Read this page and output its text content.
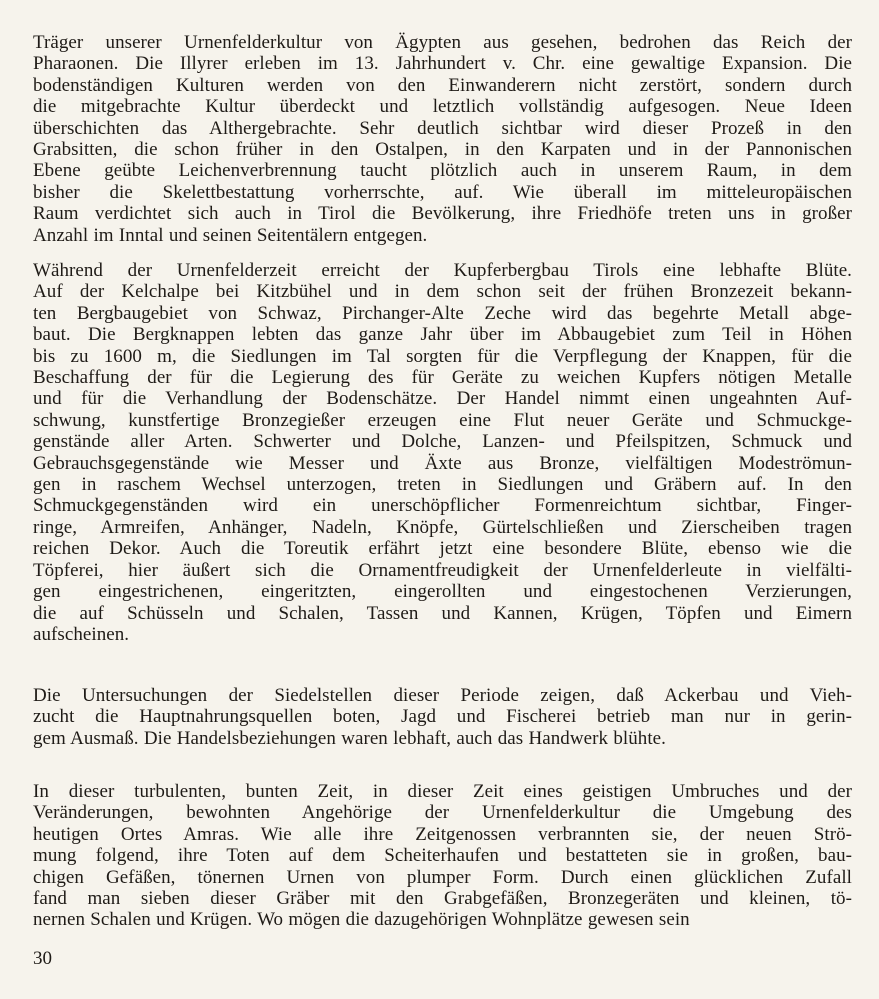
Träger unserer Urnenfelderkultur von Ägypten aus gesehen, bedrohen das Reich der
Pharaonen. Die Illyrer erleben im 13. Jahrhundert v. Chr. eine gewaltige Expansion. Die
bodenständigen Kulturen werden von den Einwanderern nicht zerstört, sondern durch
die mitgebrachte Kultur überdeckt und letztlich vollständig aufgesogen. Neue Ideen
überschichten das Althergebrachte. Sehr deutlich sichtbar wird dieser Prozeß in den
Grabsitten, die schon früher in den Ostalpen, in den Karpaten und in der Pannonischen
Ebene geübte Leichenverbrennung taucht plötzlich auch in unserem Raum, in dem
bisher die Skelettbestattung vorherrschte, auf. Wie überall im mitteleuropäischen
Raum verdichtet sich auch in Tirol die Bevölkerung, ihre Friedhöfe treten uns in großer
Anzahl im Inntal und seinen Seitentälern entgegen.

Während der Urnenfelderzeit erreicht der Kupferbergbau Tirols eine lebhafte Blüte.
Auf der Kelchalpe bei Kitzbühel und in dem schon seit der frühen Bronzezeit bekann-
ten Bergbaugebiet von Schwaz, Pirchanger-Alte Zeche wird das begehrte Metall abge-
baut. Die Bergknappen lebten das ganze Jahr über im Abbaugebiet zum Teil in Höhen
bis zu 1600 m, die Siedlungen im Tal sorgten für die Verpflegung der Knappen, für die
Beschaffung der für die Legierung des für Geräte zu weichen Kupfers nötigen Metalle
und für die Verhandlung der Bodenschätze. Der Handel nimmt einen ungeahnten Auf-
schwung, kunstfertige Bronzegießer erzeugen eine Flut neuer Geräte und Schmuckge-
genstände aller Arten. Schwerter und Dolche, Lanzen- und Pfeilspitzen, Schmuck und
Gebrauchsgegenstände wie Messer und Äxte aus Bronze, vielfältigen Modeströmun-
gen in raschem Wechsel unterzogen, treten in Siedlungen und Gräbern auf. In den
Schmuckgegenständen wird ein unerschöpflicher Formenreichtum sichtbar, Finger-
ringe, Armreifen, Anhänger, Nadeln, Knöpfe, Gürtelschließen und Zierscheiben tragen
reichen Dekor. Auch die Toreutik erfährt jetzt eine besondere Blüte, ebenso wie die
Töpferei, hier äußert sich die Ornamentfreudigkeit der Urnenfelderleute in vielfälti-
gen eingestrichenen, eingeritzten, eingerollten und eingestochenen Verzierungen,
die auf Schüsseln und Schalen, Tassen und Kannen, Krügen, Töpfen und Eimern
aufscheinen.

Die Untersuchungen der Siedelstellen dieser Periode zeigen, daß Ackerbau und Vieh-
zucht die Hauptnahrungsquellen boten, Jagd und Fischerei betrieb man nur in gerin-
gem Ausmaß. Die Handelsbeziehungen waren lebhaft, auch das Handwerk blühte.

In dieser turbulenten, bunten Zeit, in dieser Zeit eines geistigen Umbruches und der
Veränderungen, bewohnten Angehörige der Urnenfelderkultur die Umgebung des
heutigen Ortes Amras. Wie alle ihre Zeitgenossen verbrannten sie, der neuen Strö-
mung folgend, ihre Toten auf dem Scheiterhaufen und bestatteten sie in großen, bau-
chigen Gefäßen, tönernen Urnen von plumper Form. Durch einen glücklichen Zufall
fand man sieben dieser Gräber mit den Grabgefäßen, Bronzegeräten und kleinen, tö-
nernen Schalen und Krügen. Wo mögen die dazugehörigen Wohnplätze gewesen sein

30
